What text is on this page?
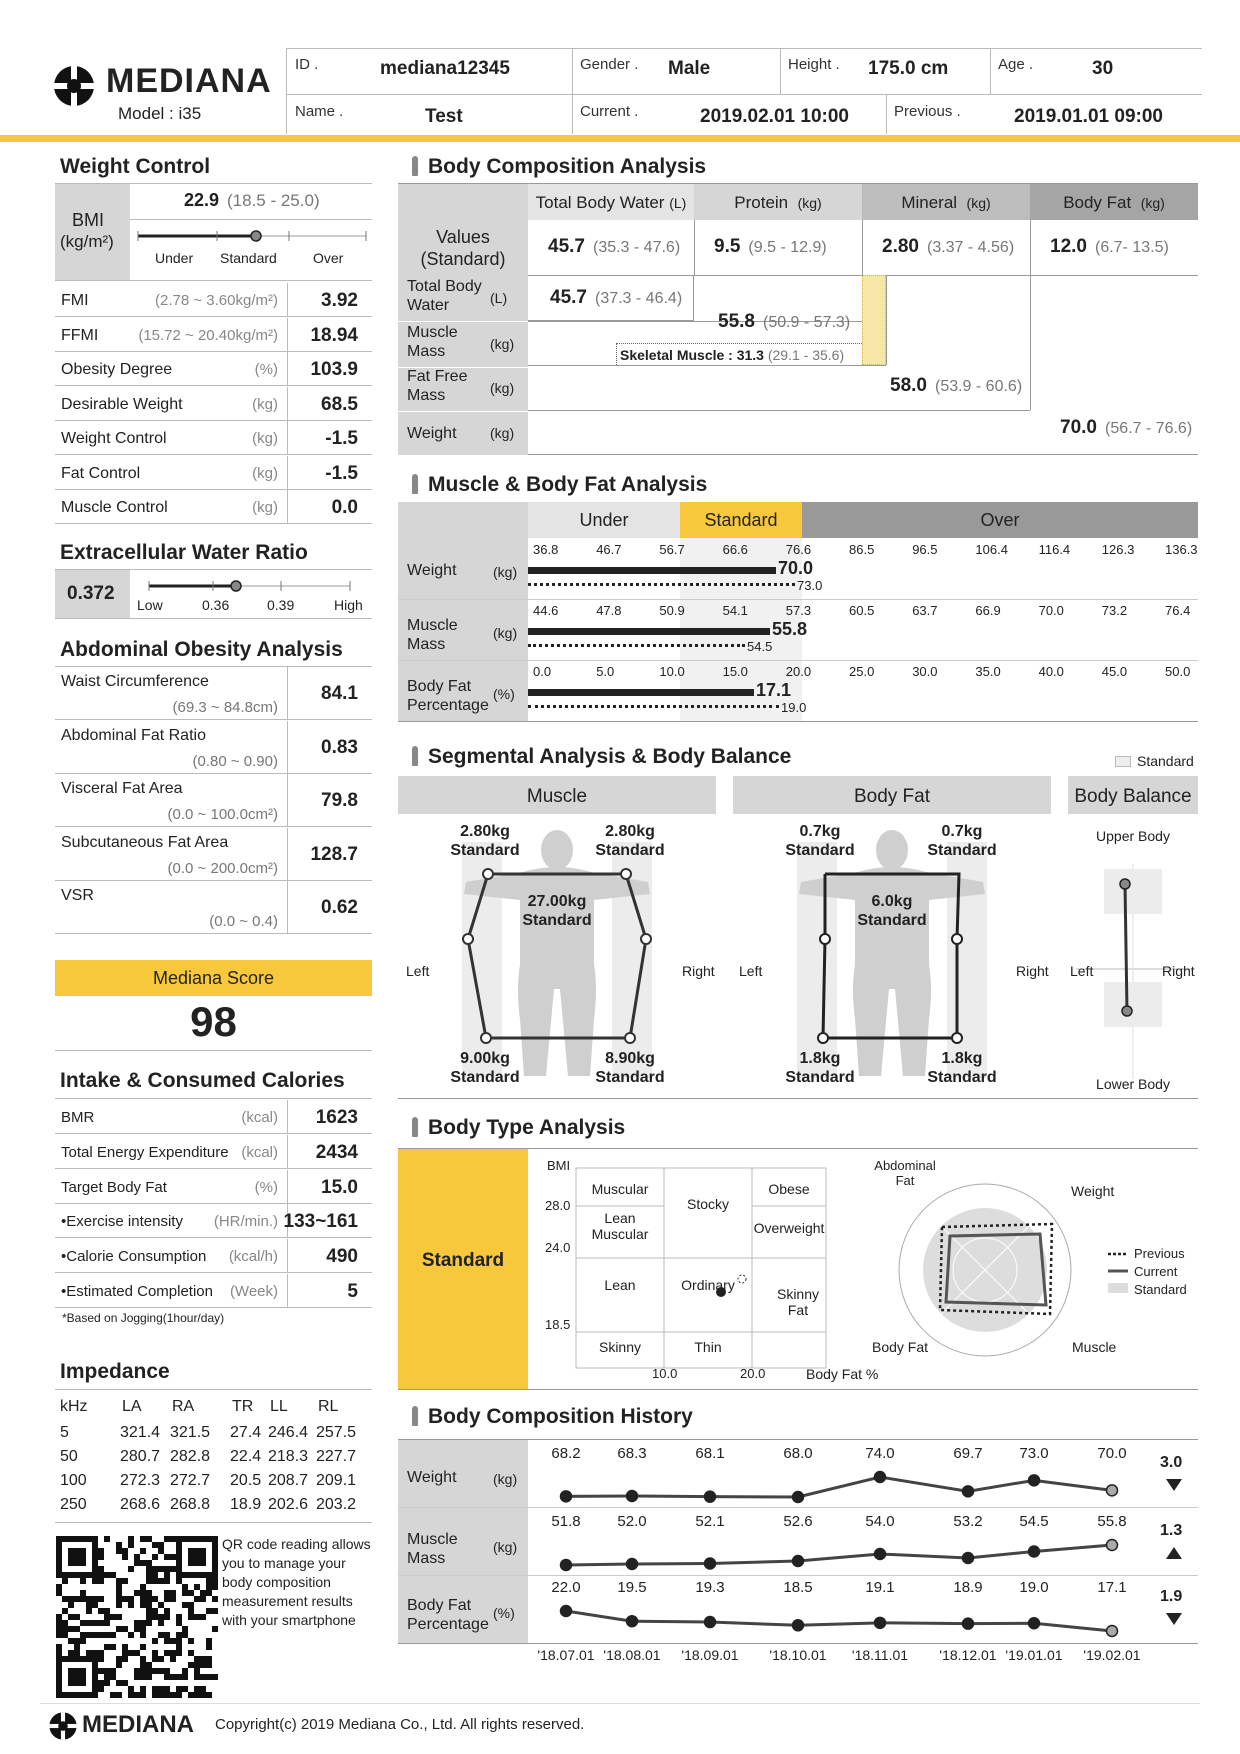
MEDIANA
Model : i35
ID .	mediana12345	Gender . Male	Height . 175.0 cm	Age .	30
Name .	Test	Current .	2019.02.01 10:00	Previous .	2019.01.01 09:00
Weight Control
BMI
(kg/m²)
22.9 (18.5 - 25.0)
Under Standard	Over
Extracellular Water Ratio
0.372
Low	0.36	0.39	High
Abdominal Obesity Analysis
Mediana Score
98
Intake & Consumed Calories
*Based on Jogging(1hour/day)
Impedance
QR code reading allows
you to manage your
body composition
measurement results
with your smartphone
Body Composition Analysis
Total Body Water (L)	Protein (kg)	Mineral (kg)	Body Fat (kg)
Values
(Standard)
Skeletal Muscle : 31.3 (29.1 - 35.6)
Muscle & Body Fat Analysis
Under	Standard	Over
Segmental Analysis & Body Balance	Standard
Muscle	Body Fat	Body Balance
2.80kg
Standard
2.80kg
Standard
27.00kg
Standard
9.00kg
Standard
8.90kg
Standard
Left	Right
0.7kg
Standard
0.7kg
Standard
6.0kg
Standard
1.8kg
Standard
1.8kg
Standard
Left	Right
Upper Body
Lower Body
Left	Right
Body Type Analysis
Standard
BMI
28.0
24.0
18.5
10.0	20.0	Body Fat %
Muscular
Stocky
Obese
Lean Muscular	Overweight
Lean	Ordinary
Skinny Fat
Skinny	Thin
Abdominal Fat
Weight
Body Fat	Muscle
Previous
Current
Standard
Body Composition History
MEDIANA Copyright(c) 2019 Mediana Co., Ltd. All rights reserved.
FMI	(2.78 ~ 3.60kg/m²) 3.92
FFMI	(15.72 ~ 20.40kg/m²) 18.94
Obesity Degree	(%) 103.9
Desirable Weight	(kg) 68.5
Weight Control	(kg) -1.5
Fat Control	(kg) -1.5
Muscle Control	(kg)	0.0
Waist Circumference
(69.3 ~ 84.8cm)
84.1
Abdominal Fat Ratio
(0.80 ~ 0.90)
0.83
Visceral Fat Area
(0.0 ~ 100.0cm²)
79.8
Subcutaneous Fat Area
(0.0 ~ 200.0cm²)
128.7
VSR
(0.0 ~ 0.4)
0.62
BMR	(kcal) 1623
Total Energy Expenditure (kcal) 2434
Target Body Fat	(%) 15.0
•Exercise intensity (HR/min.) 133~161
•Calorie Consumption (kcal/h)	490
•Estimated Completion (Week)	5
kHz LA RA TR LL RL
5	321.4 321.5 27.4 246.4 257.5
50	280.7 282.8 22.4 218.3 227.7
100 272.3 272.7 20.5 208.7 209.1
250 268.6 268.8 18.9 202.6 203.2
45.7 (35.3 - 47.6) 9.5 (9.5 - 12.9)	2.80 (3.37 - 4.56) 12.0 (6.7- 13.5)
Total Body
Water	(L) 45.7 (37.3 - 46.4)
Muscle
Mass	(kg)
55.8 (50.9 - 57.3)
Fat Free
Mass	(kg)	58.0 (53.9 - 60.6)
Weight (kg)	70.0 (56.7 - 76.6)
Weight	(kg)
36.8	46.7	56.7	66.6	76.6	86.5	96.5	106.4 116.4 126.3 136.3
70.0
73.0
Muscle
Mass
(kg)
44.6	47.8	50.9	54.1	57.3	60.5	63.7	66.9	70.0	73.2	76.4
55.8
54.5
Body Fat
Percentage
(%)
0.0	5.0	10.0	15.0	20.0	25.0	30.0	35.0	40.0	45.0	50.0
17.1
19.0
Weight	(kg)
68.2	68.3	68.1	68.0	74.0	69.7	73.0	70.0
3.0
Muscle
Mass
(kg)
51.8	52.0	52.1	52.6	54.0	53.2	54.5	55.8
1.3
Body Fat
Percentage
(%)
22.0	19.5	19.3	18.5	19.1	18.9	19.0	17.1
1.9
'18.07.01 '18.08.01	'18.09.01	'18.10.01	'18.11.01	'18.12.01 '19.01.01	'19.02.01
